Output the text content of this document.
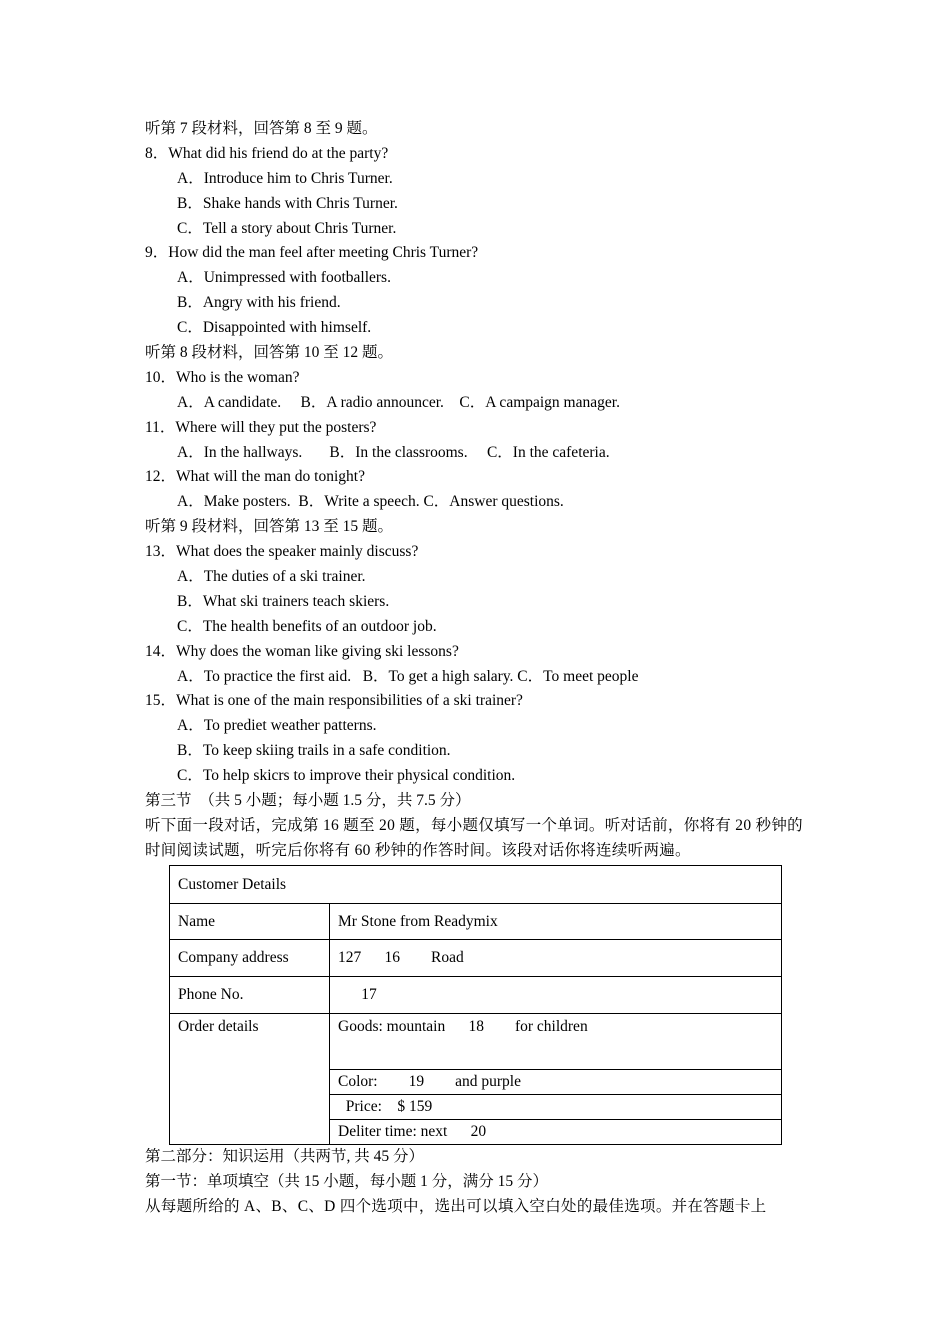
听第 7 段材料，回答第 8 至 9 题。
8．What did his friend do at the party?
A．Introduce him to Chris Turner.
B．Shake hands with Chris Turner.
C．Tell a story about Chris Turner.
9．How did the man feel after meeting Chris Turner?
A．Unimpressed with footballers.
B．Angry with his friend.
C．Disappointed with himself.
听第 8 段材料，回答第 10 至 12 题。
10．Who is the woman?
A．A candidate.     B．A radio announcer.    C．A campaign manager.
11．Where will they put the posters?
A．In the hallways.       B．In the classrooms.     C．In the cafeteria.
12．What will the man do tonight?
A．Make posters.  B．Write a speech. C．Answer questions.
听第 9 段材料，回答第 13 至 15 题。
13．What does the speaker mainly discuss?
A．The duties of a ski trainer.
B．What ski trainers teach skiers.
C．The health benefits of an outdoor job.
14．Why does the woman like giving ski lessons?
A．To practice the first aid.   B．To get a high salary. C．To meet people
15．What is one of the main responsibilities of a ski trainer?
A．To prediet weather patterns.
B．To keep skiing trails in a safe condition.
C．To help skicrs to improve their physical condition.
第三节  （共 5 小题；每小题 1.5 分，共 7.5 分）
听下面一段对话，完成第 16 题至 20 题，每小题仅填写一个单词。听对话前，你将有 20 秒钟的时间阅读试题，听完后你将有 60 秒钟的作答时间。该段对话你将连续听两遍。
Customer Details	
Name	Mr Stone from Readymix
Company address	127      16        Road
Phone No.	17
Order details	Goods: mountain      18        for children
	Color:        19        and purple
	Price:    $ 159
	Deliter time: next      20
第二部分：知识运用（共两节, 共 45 分）
第一节：单项填空（共 15 小题，每小题 1 分，满分 15 分）
从每题所给的 A、B、C、D 四个选项中，选出可以填入空白处的最佳选项。并在答题卡上
